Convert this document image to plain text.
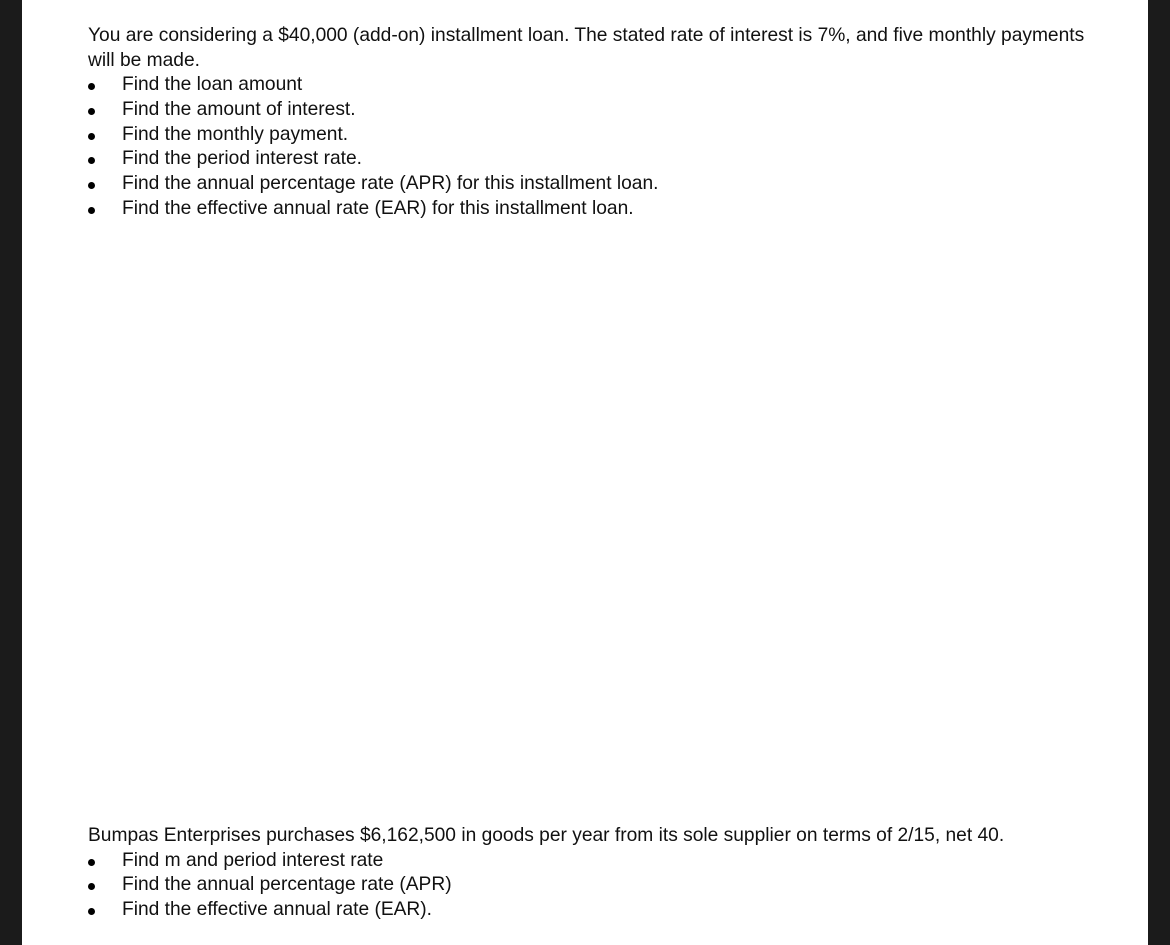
You are considering a $40,000 (add-on) installment loan. The stated rate of interest is 7%, and five monthly payments will be made.

Find the loan amount
Find the amount of interest.
Find the monthly payment.
Find the period interest rate.
Find the annual percentage rate (APR) for this installment loan.
Find the effective annual rate (EAR) for this installment loan.

Bumpas Enterprises purchases $6,162,500 in goods per year from its sole supplier on terms of 2/15, net 40.

Find m and period interest rate
Find the annual percentage rate (APR)
Find the effective annual rate (EAR).
